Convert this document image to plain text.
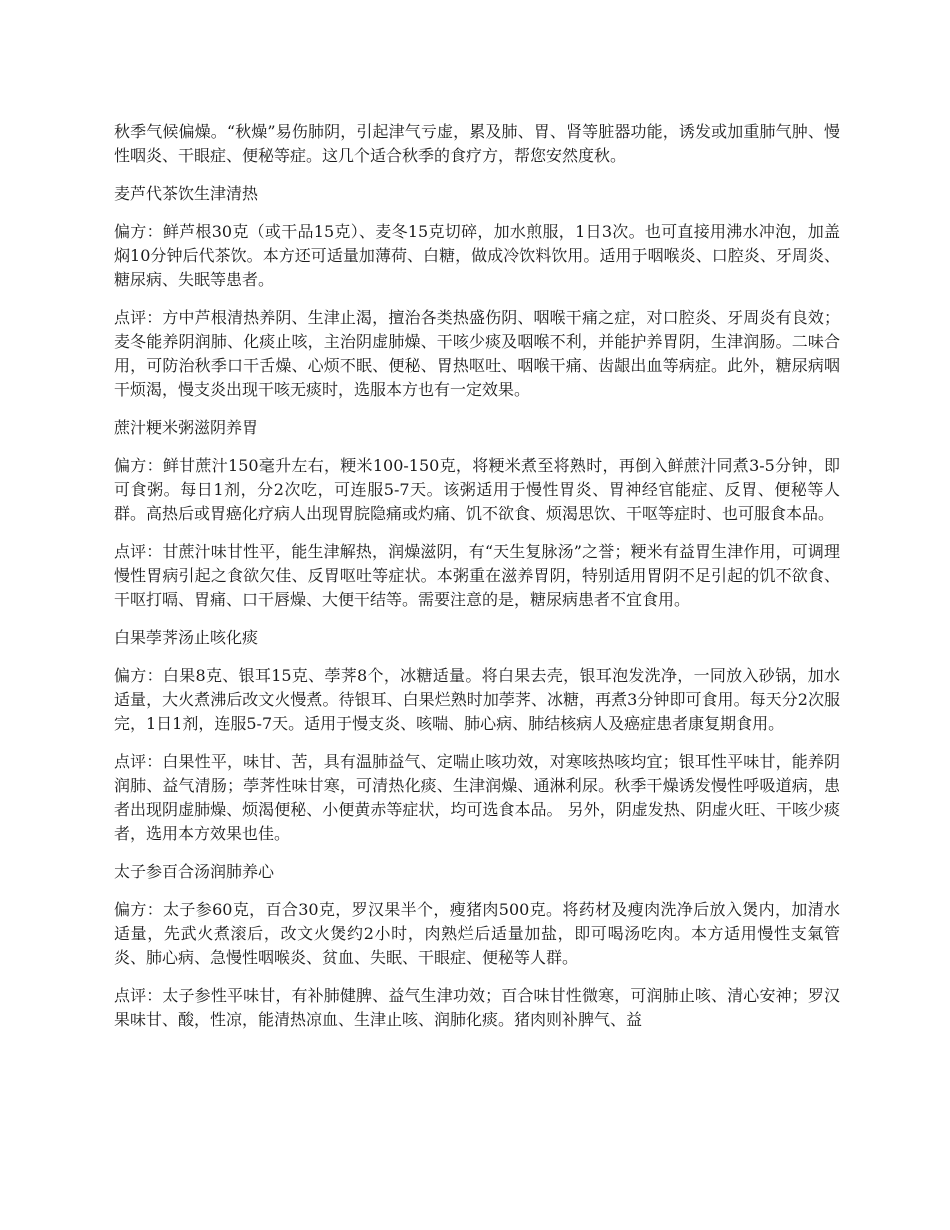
秋季气候偏燥。“秋燥”易伤肺阴，引起津气亏虚，累及肺、胃、肾等脏器功能，诱发或加重肺气肿、慢性咽炎、干眼症、便秘等症。这几个适合秋季的食疗方，帮您安然度秋。

麦芦代茶饮生津清热

偏方：鲜芦根30克（或干品15克）、麦冬15克切碎，加水煎服，1日3次。也可直接用沸水冲泡，加盖焖10分钟后代茶饮。本方还可适量加薄荷、白糖，做成冷饮料饮用。适用于咽喉炎、口腔炎、牙周炎、糖尿病、失眠等患者。

点评：方中芦根清热养阴、生津止渴，擅治各类热盛伤阴、咽喉干痛之症，对口腔炎、牙周炎有良效；麦冬能养阴润肺、化痰止咳，主治阴虚肺燥、干咳少痰及咽喉不利，并能护养胃阴，生津润肠。二味合用，可防治秋季口干舌燥、心烦不眠、便秘、胃热呕吐、咽喉干痛、齿龈出血等病症。此外，糖尿病咽干烦渴，慢支炎出现干咳无痰时，选服本方也有一定效果。

蔗汁粳米粥滋阴养胃

偏方：鲜甘蔗汁150毫升左右，粳米100-150克，将粳米煮至将熟时，再倒入鲜蔗汁同煮3-5分钟，即可食粥。每日1剂，分2次吃，可连服5-7天。该粥适用于慢性胃炎、胃神经官能症、反胃、便秘等人群。高热后或胃癌化疗病人出现胃脘隐痛或灼痛、饥不欲食、烦渴思饮、干呕等症时、也可服食本品。

点评：甘蔗汁味甘性平，能生津解热，润燥滋阴，有“天生复脉汤”之誉；粳米有益胃生津作用，可调理慢性胃病引起之食欲欠佳、反胃呕吐等症状。本粥重在滋养胃阴，特别适用胃阴不足引起的饥不欲食、干呕打嗝、胃痛、口干唇燥、大便干结等。需要注意的是，糖尿病患者不宜食用。

白果荸荠汤止咳化痰

偏方：白果8克、银耳15克、荸荠8个，冰糖适量。将白果去壳，银耳泡发洗净，一同放入砂锅，加水适量，大火煮沸后改文火慢煮。待银耳、白果烂熟时加荸荠、冰糖，再煮3分钟即可食用。每天分2次服完，1日1剂，连服5-7天。适用于慢支炎、咳喘、肺心病、肺结核病人及癌症患者康复期食用。

点评：白果性平，味甘、苦，具有温肺益气、定喘止咳功效，对寒咳热咳均宜；银耳性平味甘，能养阴润肺、益气清肠；荸荠性味甘寒，可清热化痰、生津润燥、通淋利尿。秋季干燥诱发慢性呼吸道病，患者出现阴虚肺燥、烦渴便秘、小便黄赤等症状，均可选食本品。 另外，阴虚发热、阴虚火旺、干咳少痰者，选用本方效果也佳。

太子参百合汤润肺养心

偏方：太子参60克，百合30克，罗汉果半个，瘦猪肉500克。将药材及瘦肉洗净后放入煲内，加清水适量，先武火煮滚后，改文火煲约2小时，肉熟烂后适量加盐，即可喝汤吃肉。本方适用慢性支氣管炎、肺心病、急慢性咽喉炎、贫血、失眠、干眼症、便秘等人群。

点评：太子参性平味甘，有补肺健脾、益气生津功效；百合味甘性微寒，可润肺止咳、清心安神；罗汉果味甘、酸，性凉，能清热凉血、生津止咳、润肺化痰。猪肉则补脾气、益
